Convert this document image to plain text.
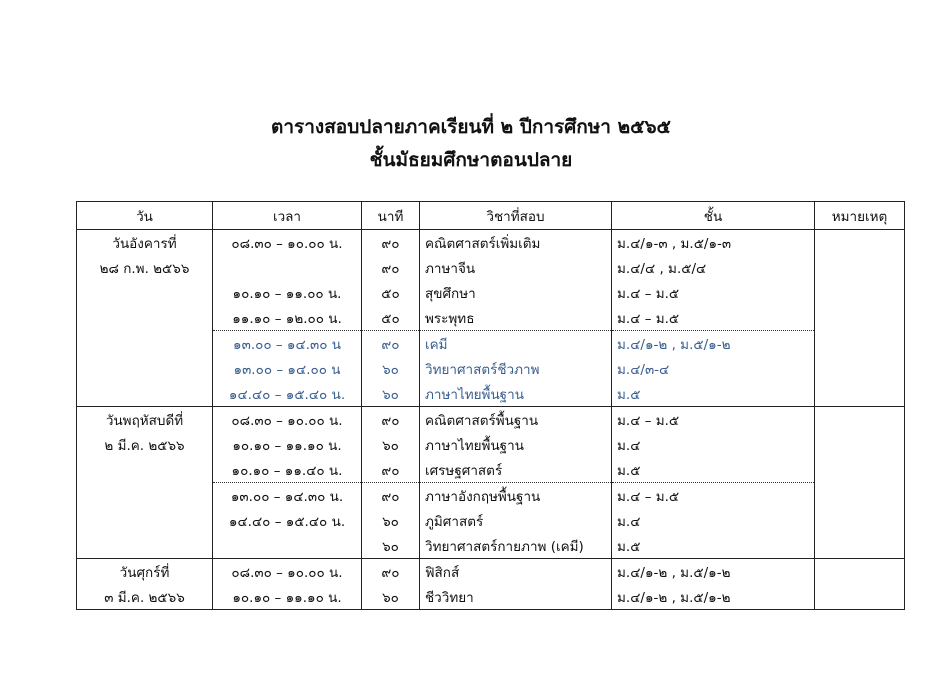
ตารางสอบปลายภาคเรียนที่ ๒ ปีการศึกษา ๒๕๖๕
ชั้นมัธยมศึกษาตอนปลาย
วัน	เวลา	นาที	วิชาที่สอบ	ชั้น	หมายเหตุ
วันอังคารที่	๐๘.๓๐ – ๑๐.๐๐ น.	๙๐	คณิตศาสตร์เพิ่มเติม	ม.๔/๑-๓ , ม.๕/๑-๓	
๒๘ ก.พ. ๒๕๖๖		๙๐	ภาษาจีน	ม.๔/๔ , ม.๕/๔	
	๑๐.๑๐ – ๑๑.๐๐ น.	๕๐	สุขศึกษา	ม.๔ – ม.๕	
	๑๑.๑๐ – ๑๒.๐๐ น.	๕๐	พระพุทธ	ม.๔ – ม.๕	
	๑๓.๐๐ – ๑๔.๓๐ น	๙๐	เคมี	ม.๔/๑-๒ , ม.๕/๑-๒	
	๑๓.๐๐ – ๑๔.๐๐ น	๖๐	วิทยาศาสตร์ชีวภาพ	ม.๔/๓-๔	
	๑๔.๔๐ – ๑๕.๔๐ น.	๖๐	ภาษาไทยพื้นฐาน	ม.๕	
วันพฤหัสบดีที่	๐๘.๓๐ – ๑๐.๐๐ น.	๙๐	คณิตศาสตร์พื้นฐาน	ม.๔ – ม.๕	
๒ มี.ค. ๒๕๖๖	๑๐.๑๐ – ๑๑.๑๐ น.	๖๐	ภาษาไทยพื้นฐาน	ม.๔	
	๑๐.๑๐ – ๑๑.๔๐ น.	๙๐	เศรษฐศาสตร์	ม.๕	
	๑๓.๐๐ – ๑๔.๓๐ น.	๙๐	ภาษาอังกฤษพื้นฐาน	ม.๔ – ม.๕	
	๑๔.๔๐ – ๑๕.๔๐ น.	๖๐	ภูมิศาสตร์	ม.๔	
		๖๐	วิทยาศาสตร์กายภาพ (เคมี)	ม.๕	
วันศุกร์ที่	๐๘.๓๐ – ๑๐.๐๐ น.	๙๐	ฟิสิกส์	ม.๔/๑-๒ , ม.๕/๑-๒	
๓ มี.ค. ๒๕๖๖	๑๐.๑๐ – ๑๑.๑๐ น.	๖๐	ชีววิทยา	ม.๔/๑-๒ , ม.๕/๑-๒	
